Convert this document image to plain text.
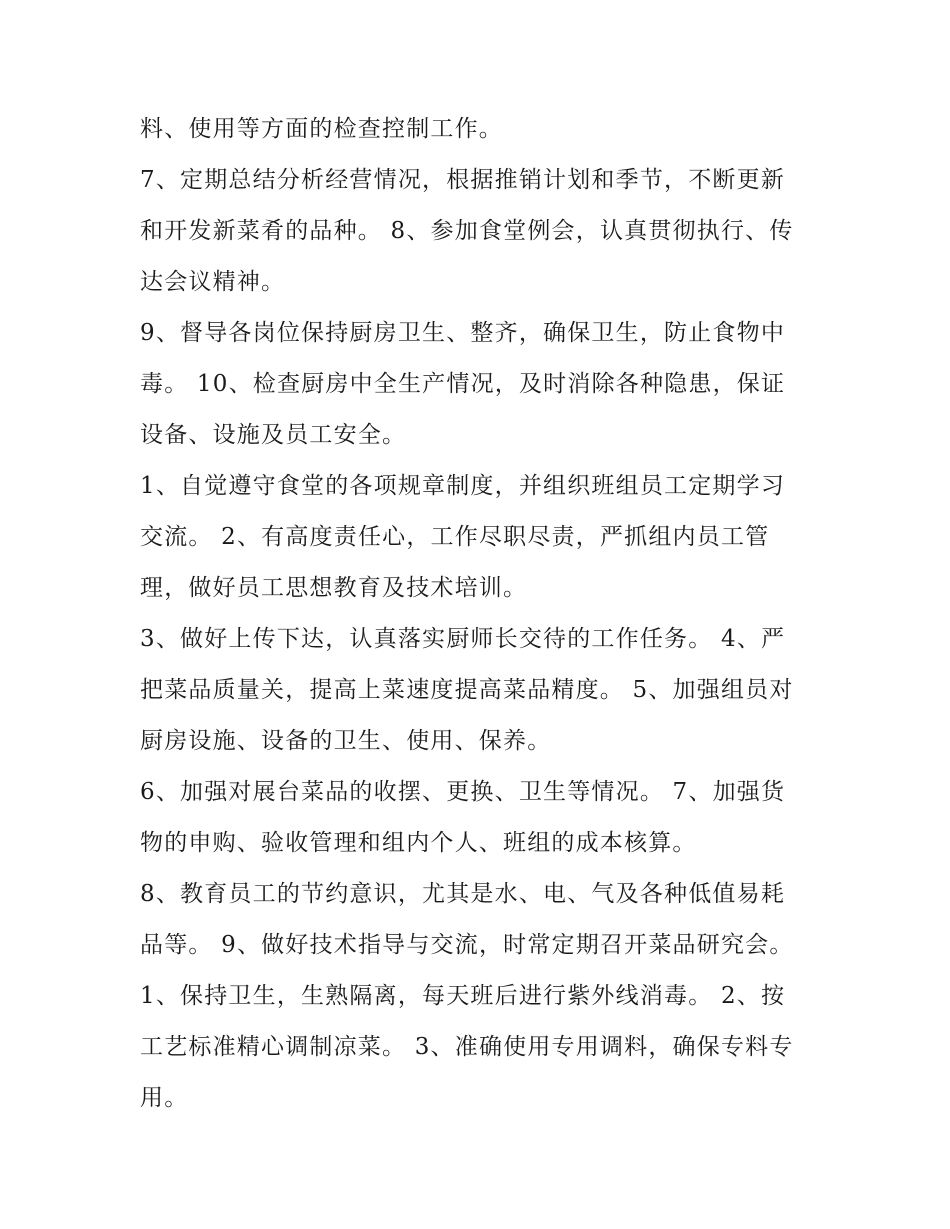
料、使用等方面的检查控制工作。
7、定期总结分析经营情况，根据推销计划和季节，不断更新
和开发新菜肴的品种。 8、参加食堂例会，认真贯彻执行、传
达会议精神。
9、督导各岗位保持厨房卫生、整齐，确保卫生，防止食物中
毒。 10、检查厨房中全生产情况，及时消除各种隐患，保证
设备、设施及员工安全。
1、自觉遵守食堂的各项规章制度，并组织班组员工定期学习
交流。 2、有高度责任心，工作尽职尽责，严抓组内员工管
理，做好员工思想教育及技术培训。
3、做好上传下达，认真落实厨师长交待的工作任务。 4、严
把菜品质量关，提高上菜速度提高菜品精度。 5、加强组员对
厨房设施、设备的卫生、使用、保养。
6、加强对展台菜品的收摆、更换、卫生等情况。 7、加强货
物的申购、验收管理和组内个人、班组的成本核算。
8、教育员工的节约意识，尤其是水、电、气及各种低值易耗
品等。 9、做好技术指导与交流，时常定期召开菜品研究会。
1、保持卫生，生熟隔离，每天班后进行紫外线消毒。 2、按
工艺标准精心调制凉菜。 3、准确使用专用调料，确保专料专
用。
